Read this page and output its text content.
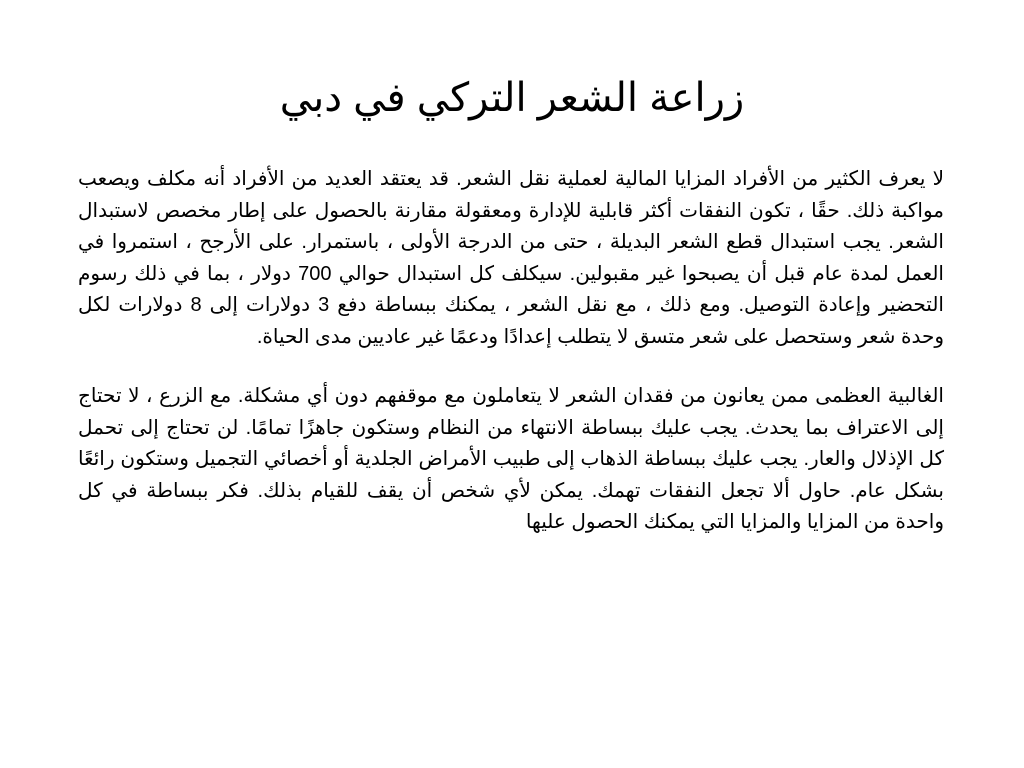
زراعة الشعر التركي في دبي

لا يعرف الكثير من الأفراد المزايا المالية لعملية نقل الشعر. قد يعتقد العديد من الأفراد أنه مكلف ويصعب مواكبة ذلك. حقًا ، تكون النفقات أكثر قابلية للإدارة ومعقولة مقارنة بالحصول على إطار مخصص لاستبدال الشعر. يجب استبدال قطع الشعر البديلة ، حتى من الدرجة الأولى ، باستمرار. على الأرجح ، استمروا في العمل لمدة عام قبل أن يصبحوا غير مقبولين. سيكلف كل استبدال حوالي 700 دولار ، بما في ذلك رسوم التحضير وإعادة التوصيل. ومع ذلك ، مع نقل الشعر ، يمكنك ببساطة دفع 3 دولارات إلى 8 دولارات لكل وحدة شعر وستحصل على شعر متسق لا يتطلب إعدادًا ودعمًا غير عاديين مدى الحياة.

الغالبية العظمى ممن يعانون من فقدان الشعر لا يتعاملون مع موقفهم دون أي مشكلة. مع الزرع ، لا تحتاج إلى الاعتراف بما يحدث. يجب عليك ببساطة الانتهاء من النظام وستكون جاهزًا تمامًا. لن تحتاج إلى تحمل كل الإذلال والعار. يجب عليك ببساطة الذهاب إلى طبيب الأمراض الجلدية أو أخصائي التجميل وستكون رائعًا بشكل عام. حاول ألا تجعل النفقات تهمك. يمكن لأي شخص أن يقف للقيام بذلك. فكر ببساطة في كل واحدة من المزايا والمزايا التي يمكنك الحصول عليها
